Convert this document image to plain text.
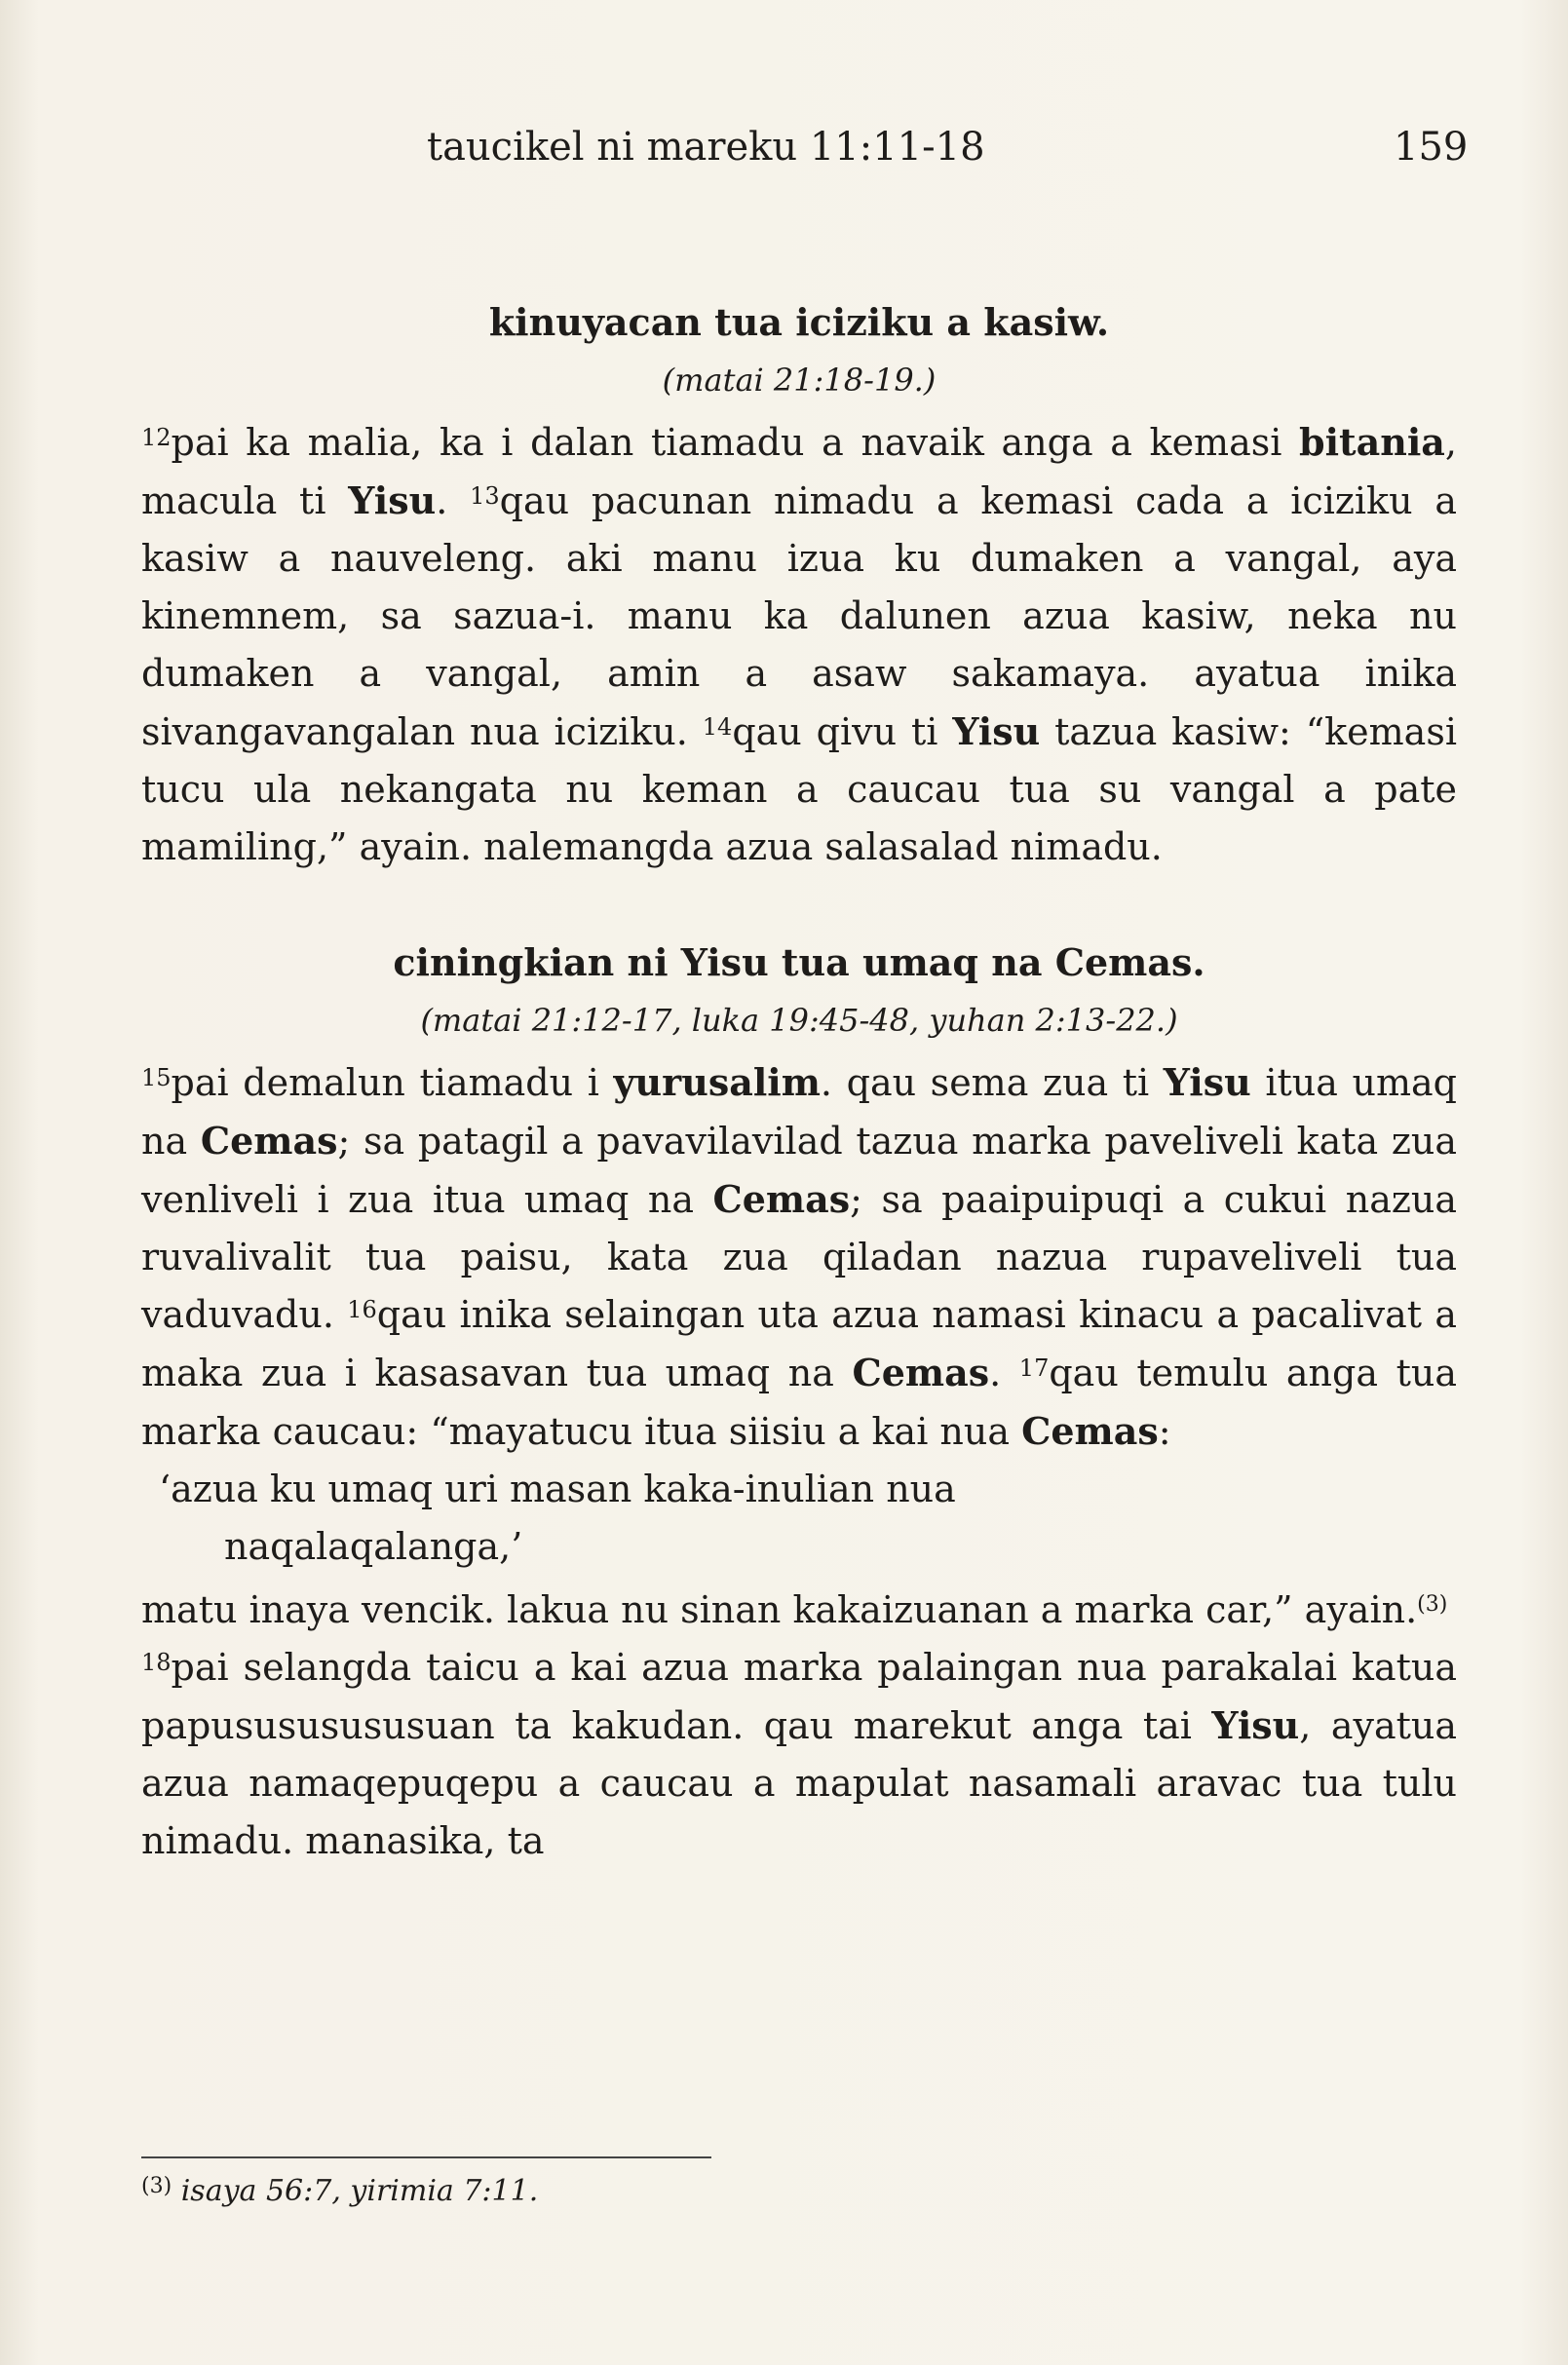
taucikel ni mareku 11:11-18	159
kinuyacan tua iciziku a kasiw.
(matai 21:18-19.)

$^{12}$pai ka malia, ka i dalan tiamadu a navaik anga a kemasi bitania, macula ti Yisu. $^{13}$qau pacunan nimadu a kemasi cada a iciziku a kasiw a nauveleng. aki manu izua ku dumaken a vangal, aya kinemnem, sa sazua-i. manu ka dalunen azua kasiw, neka nu dumaken a vangal, amin a asaw sakamaya. ayatua inika sivangavangalan nua iciziku. $^{14}$qau qivu ti Yisu tazua kasiw: “kemasi tucu ula nekangata nu keman a caucau tua su vangal a pate mamiling,” ayain. nalemangda azua salasalad nimadu.

ciningkian ni Yisu tua umaq na Cemas.
(matai 21:12-17, luka 19:45-48, yuhan 2:13-22.)

$^{15}$pai demalun tiamadu i yurusalim. qau sema zua ti Yisu itua umaq na Cemas; sa patagil a pavavilavilad tazua marka paveliveli kata zua venliveli i zua itua umaq na Cemas; sa paaipuipuqi a cukui nazua ruvalivalit tua paisu, kata zua qiladan nazua rupaveliveli tua vaduvadu. $^{16}$qau inika selaingan uta azua namasi kinacu a pacalivat a maka zua i kasasavan tua umaq na Cemas. $^{17}$qau temulu anga tua marka caucau: “mayatucu itua siisiu a kai nua Cemas:

‘azua ku umaq uri masan kaka-inulian nua

naqalaqalanga,’

matu inaya vencik. lakua nu sinan kakaizuanan a marka car,” ayain.$^{(3)}$

$^{18}$pai selangda taicu a kai azua marka palaingan nua parakalai katua papusususususuan ta kakudan. qau marekut anga tai Yisu, ayatua azua namaqepuqepu a caucau a mapulat nasamali aravac tua tulu nimadu. manasika, ta

$^{(3)}$ isaya 56:7, yirimia 7:11.
